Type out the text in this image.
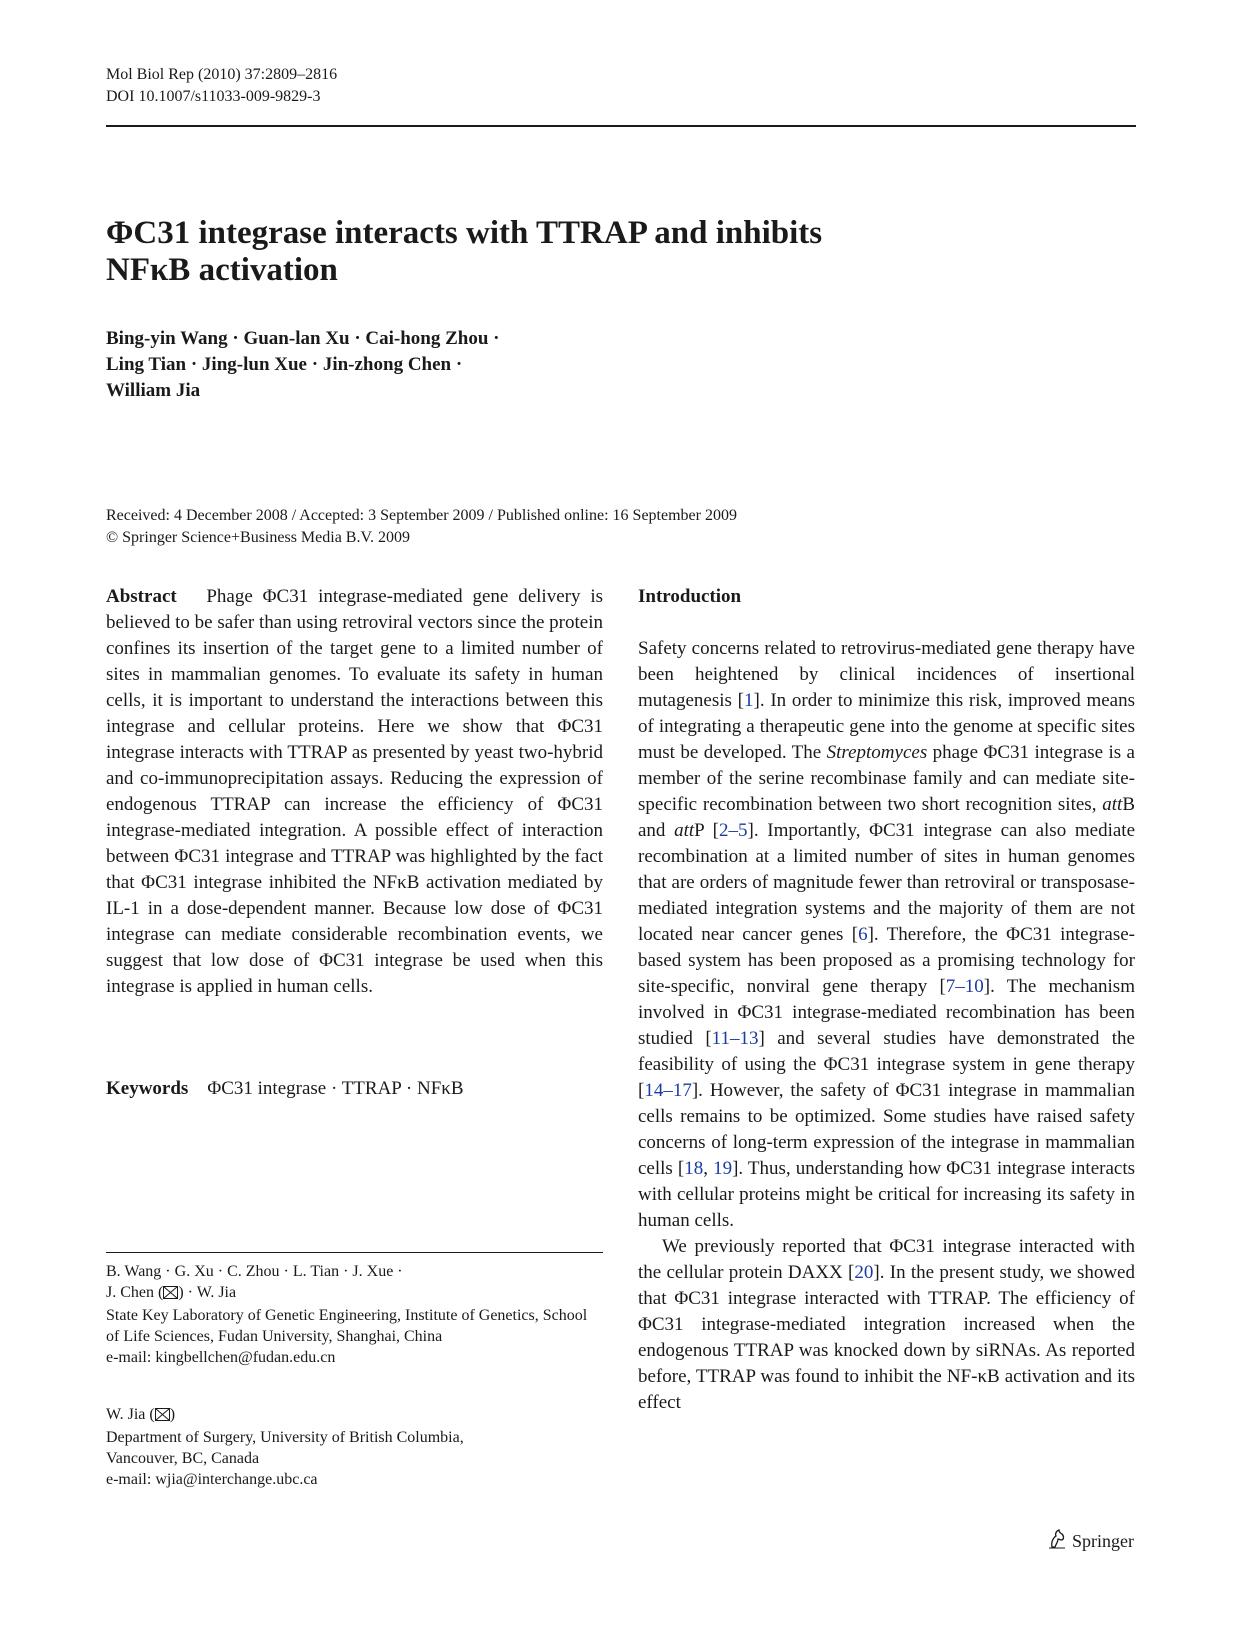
Mol Biol Rep (2010) 37:2809–2816
DOI 10.1007/s11033-009-9829-3
ΦC31 integrase interacts with TTRAP and inhibits
NFκB activation
Bing-yin Wang · Guan-lan Xu · Cai-hong Zhou ·
Ling Tian · Jing-lun Xue · Jin-zhong Chen ·
William Jia
Received: 4 December 2008 / Accepted: 3 September 2009 / Published online: 16 September 2009
© Springer Science+Business Media B.V. 2009
Abstract Phage ΦC31 integrase-mediated gene delivery is believed to be safer than using retroviral vectors since the protein confines its insertion of the target gene to a limited number of sites in mammalian genomes. To evaluate its safety in human cells, it is important to understand the interactions between this integrase and cellular proteins. Here we show that ΦC31 integrase interacts with TTRAP as presented by yeast two-hybrid and co-immunoprecipitation assays. Reducing the expression of endogenous TTRAP can increase the efficiency of ΦC31 integrase-mediated integration. A possible effect of interaction between ΦC31 integrase and TTRAP was highlighted by the fact that ΦC31 integrase inhibited the NFκB activation mediated by IL-1 in a dose-dependent manner. Because low dose of ΦC31 integrase can mediate considerable recombination events, we suggest that low dose of ΦC31 integrase be used when this integrase is applied in human cells.
Keywords ΦC31 integrase · TTRAP · NFκB
B. Wang · G. Xu · C. Zhou · L. Tian · J. Xue ·
J. Chen ( ) · W. Jia
State Key Laboratory of Genetic Engineering, Institute of Genetics, School of Life Sciences, Fudan University, Shanghai, China
e-mail: kingbellchen@fudan.edu.cn
W. Jia ( )
Department of Surgery, University of British Columbia,
Vancouver, BC, Canada
e-mail: wjia@interchange.ubc.ca
Introduction

Safety concerns related to retrovirus-mediated gene therapy have been heightened by clinical incidences of insertional mutagenesis [1]. In order to minimize this risk, improved means of integrating a therapeutic gene into the genome at specific sites must be developed. The Streptomyces phage ΦC31 integrase is a member of the serine recombinase family and can mediate site-specific recombination between two short recognition sites, attB and attP [2–5]. Importantly, ΦC31 integrase can also mediate recombination at a limited number of sites in human genomes that are orders of magnitude fewer than retroviral or transposase-mediated integration systems and the majority of them are not located near cancer genes [6]. Therefore, the ΦC31 integrase-based system has been proposed as a promising technology for site-specific, nonviral gene therapy [7–10]. The mechanism involved in ΦC31 integrase-mediated recombination has been studied [11–13] and several studies have demonstrated the feasibility of using the ΦC31 integrase system in gene therapy [14–17]. However, the safety of ΦC31 integrase in mammalian cells remains to be optimized. Some studies have raised safety concerns of long-term expression of the integrase in mammalian cells [18, 19]. Thus, understanding how ΦC31 integrase interacts with cellular proteins might be critical for increasing its safety in human cells.

We previously reported that ΦC31 integrase interacted with the cellular protein DAXX [20]. In the present study, we showed that ΦC31 integrase interacted with TTRAP. The efficiency of ΦC31 integrase-mediated integration increased when the endogenous TTRAP was knocked down by siRNAs. As reported before, TTRAP was found to inhibit the NF-κB activation and its effect

Springer
